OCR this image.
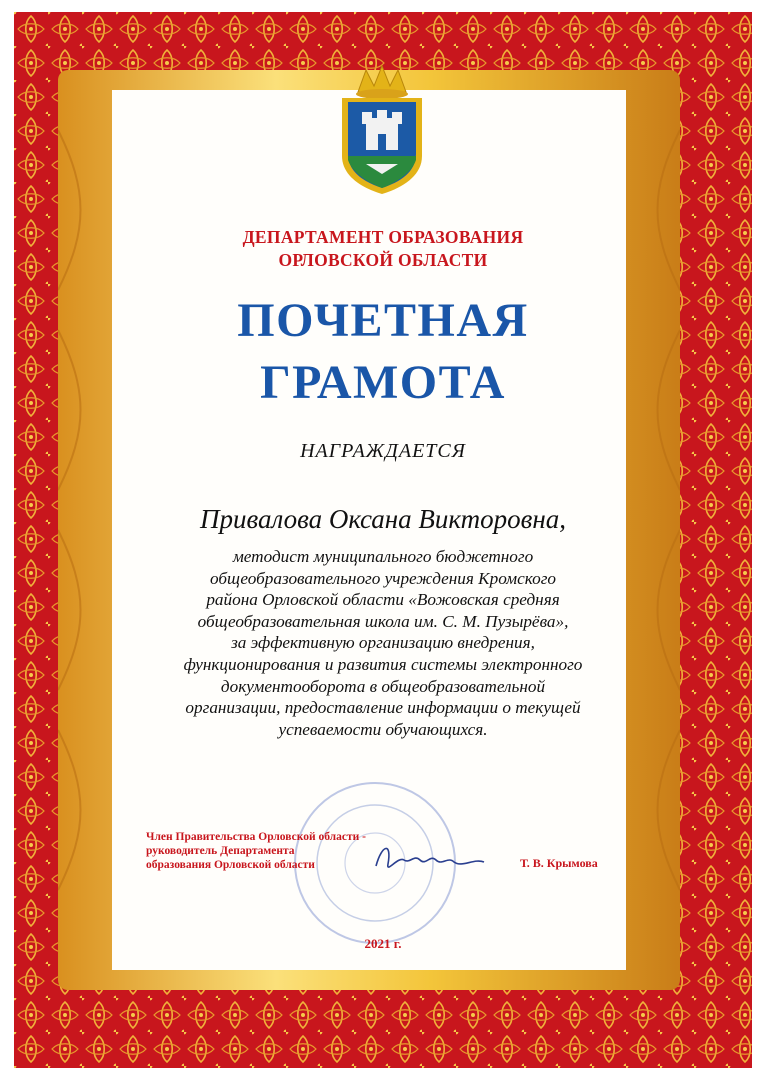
ДЕПАРТАМЕНТ ОБРАЗОВАНИЯ
ОРЛОВСКОЙ ОБЛАСТИ
ПОЧЕТНАЯ
ГРАМОТА
НАГРАЖДАЕТСЯ
Привалова Оксана Викторовна,
методист муниципального бюджетного
общеобразовательного учреждения Кромского
района Орловской области «Вожовская средняя
общеобразовательная школа им. С. М. Пузырёва»,
за эффективную организацию внедрения,
функционирования и развития системы электронного
документооборота в общеобразовательной
организации, предоставление информации о текущей
успеваемости обучающихся.
Член Правительства Орловской области -
руководитель Департамента
образования Орловской области	Т. В. Крымова
2021 г.
